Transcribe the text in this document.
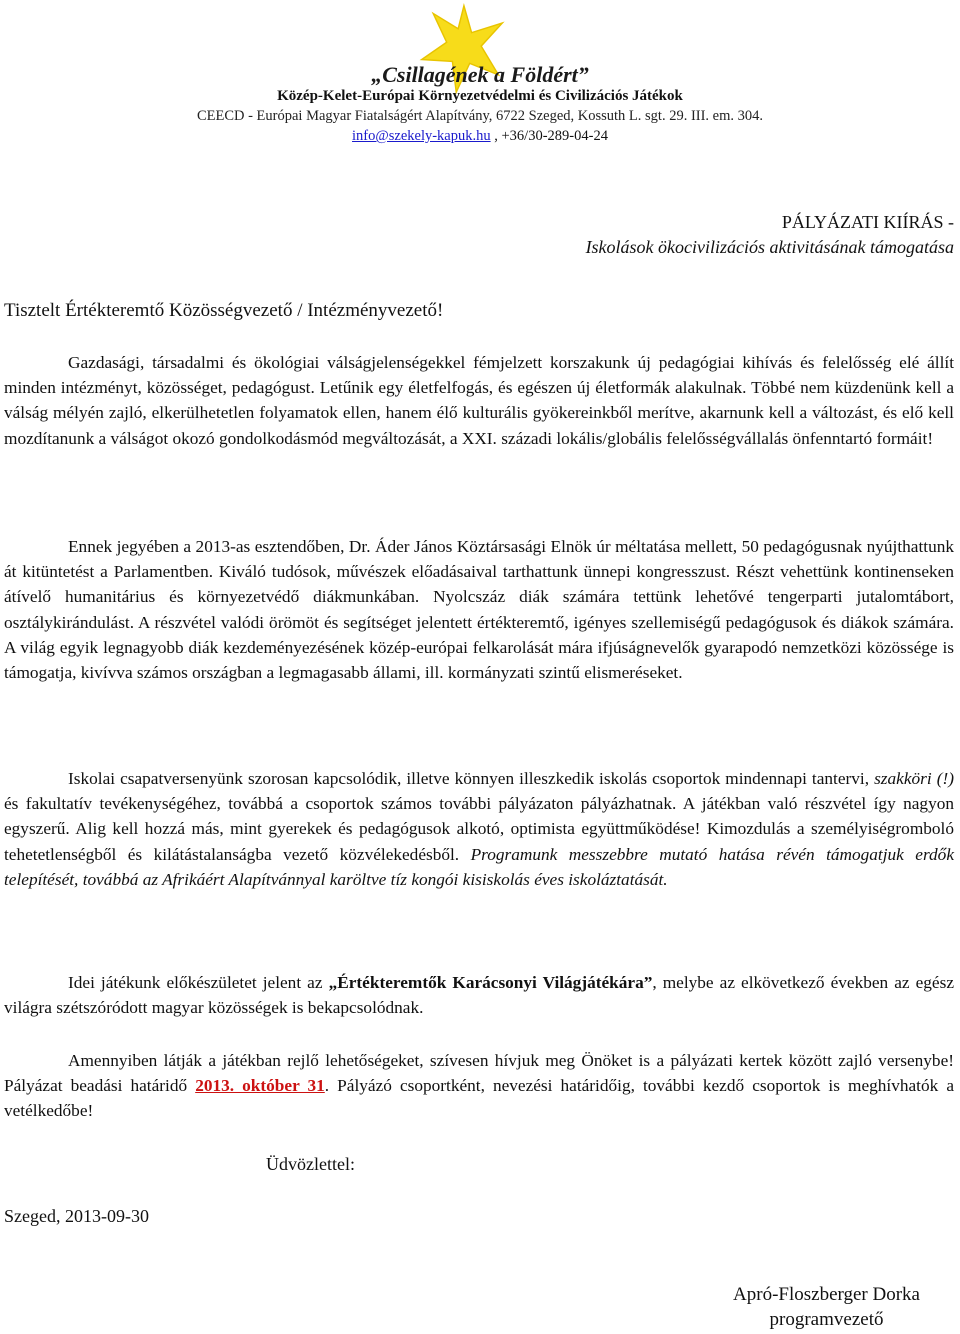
„Csillagének a Földért”
Közép-Kelet-Európai Környezetvédelmi és Civilizációs Játékok
CEECD - Európai Magyar Fiatalságért Alapítvány, 6722 Szeged, Kossuth L. sgt. 29. III. em. 304.
info@szekely-kapuk.hu , +36/30-289-04-24
PÁLYÁZATI KIÍRÁS -
Iskolások ökocivilizációs aktivitásának támogatása
Tisztelt Értékteremtő Közösségvezető / Intézményvezető!

Gazdasági, társadalmi és ökológiai válságjelenségekkel fémjelzett korszakunk új pedagógiai kihívás és felelősség elé állít minden intézményt, közösséget, pedagógust. Letűnik egy életfelfogás, és egészen új életformák alakulnak. Többé nem küzdenünk kell a válság mélyén zajló, elkerülhetetlen folyamatok ellen, hanem élő kulturális gyökereinkből merítve, akarnunk kell a változást, és elő kell mozdítanunk a válságot okozó gondolkodásmód megváltozását, a XXI. századi lokális/globális felelősségvállalás önfenntartó formáit!

Ennek jegyében a 2013-as esztendőben, Dr. Áder János Köztársasági Elnök úr méltatása mellett, 50 pedagógusnak nyújthattunk át kitüntetést a Parlamentben. Kiváló tudósok, művészek előadásaival tarthattunk ünnepi kongresszust. Részt vehettünk kontinenseken átívelő humanitárius és környezetvédő diákmunkában. Nyolcszáz diák számára tettünk lehetővé tengerparti jutalomtábort, osztálykirándulást. A részvétel valódi örömöt és segítséget jelentett értékteremtő, igényes szellemiségű pedagógusok és diákok számára. A világ egyik legnagyobb diák kezdeményezésének közép-európai felkarolását mára ifjúságnevelők gyarapodó nemzetközi közössége is támogatja, kivívva számos országban a legmagasabb állami, ill. kormányzati szintű elismeréseket.

Iskolai csapatversenyünk szorosan kapcsolódik, illetve könnyen illeszkedik iskolás csoportok mindennapi tantervi, szakköri (!) és fakultatív tevékenységéhez, továbbá a csoportok számos további pályázaton pályázhatnak. A játékban való részvétel így nagyon egyszerű. Alig kell hozzá más, mint gyerekek és pedagógusok alkotó, optimista együttműködése! Kimozdulás a személyiségromboló tehetetlenségből és kilátástalanságba vezető közvélekedésből. Programunk messzebbre mutató hatása révén támogatjuk erdők telepítését, továbbá az Afrikáért Alapítvánnyal karöltve tíz kongói kisiskolás éves iskoláztatását.

Idei játékunk előkészületet jelent az „Értékteremtők Karácsonyi Világjátékára”, melybe az elkövetkező években az egész világra szétszóródott magyar közösségek is bekapcsolódnak.

Amennyiben látják a játékban rejlő lehetőségeket, szívesen hívjuk meg Önöket is a pályázati kertek között zajló versenybe! Pályázat beadási határidő 2013. október 31. Pályázó csoportként, nevezési határidőig, további kezdő csoportok is meghívhatók a vetélkedőbe!

Üdvözlettel:
Szeged, 2013-09-30
Apró-Floszberger Dorka
programvezető
